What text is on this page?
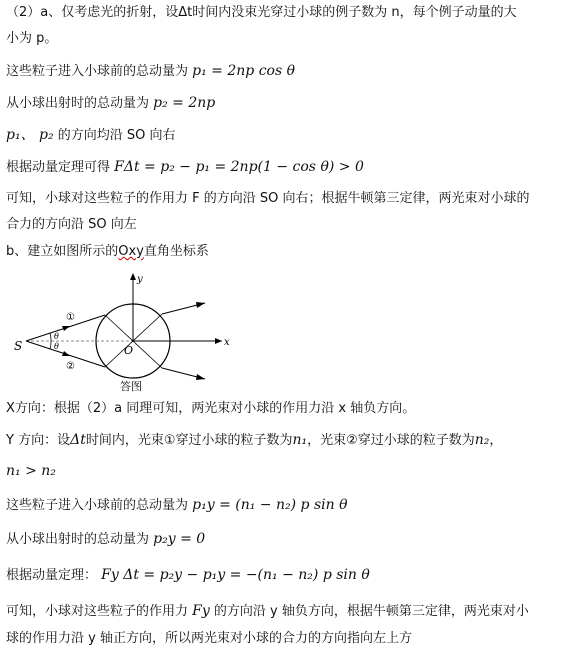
（2）a、仅考虑光的折射，设Δt时间内没束光穿过小球的例子数为 n，每个例子动量的大
小为 p。
这些粒子进入小球前的总动量为 p₁ = 2np cos θ
从小球出射时的总动量为 p₂ = 2np
p₁、 p₂ 的方向均沿 SO 向右
根据动量定理可得 FΔt = p₂ − p₁ = 2np(1 − cos θ) > 0
可知，小球对这些粒子的作用力 F 的方向沿 SO 向右；根据牛顿第三定律，两光束对小球的
合力的方向沿 SO 向左
b、建立如图所示的Oxy直角坐标系
S	O
x
y
θ
θ
①
②
答图
X方向：根据（2）a 同理可知，两光束对小球的作用力沿 x 轴负方向。
Y 方向：设Δt时间内，光束①穿过小球的粒子数为n₁，光束②穿过小球的粒子数为n₂，
n₁ > n₂
这些粒子进入小球前的总动量为 p₁y = (n₁ − n₂) p sin θ
从小球出射时的总动量为 p₂y = 0
根据动量定理： Fy Δt = p₂y − p₁y = −(n₁ − n₂) p sin θ
可知，小球对这些粒子的作用力 Fy 的方向沿 y 轴负方向，根据牛顿第三定律，两光束对小
球的作用力沿 y 轴正方向，所以两光束对小球的合力的方向指向左上方
